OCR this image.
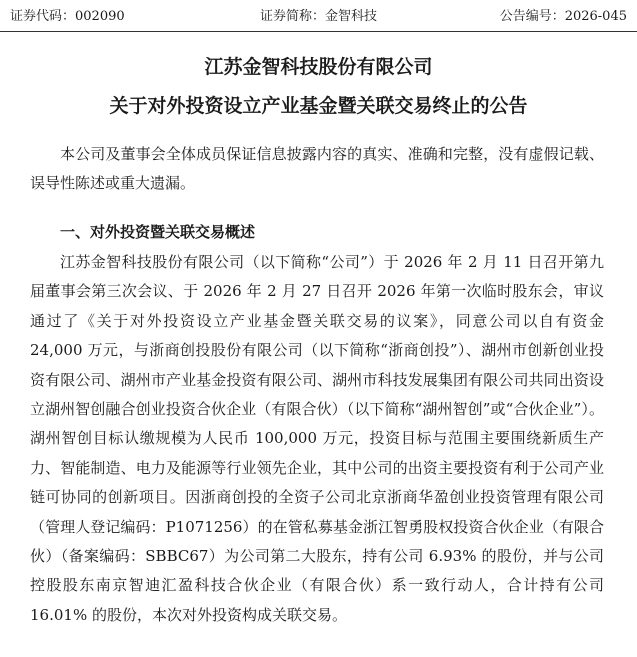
证券代码：002090	证券简称：金智科技	公告编号：2026-045
江苏金智科技股份有限公司
关于对外投资设立产业基金暨关联交易终止的公告
本公司及董事会全体成员保证信息披露内容的真实、准确和完整，没有虚假记载、误导性陈述或重大遗漏。
一、对外投资暨关联交易概述
江苏金智科技股份有限公司（以下简称“公司”）于 2026 年 2 月 11 日召开第九届董事会第三次会议、于 2026 年 2 月 27 日召开 2026 年第一次临时股东会，审议通过了《关于对外投资设立产业基金暨关联交易的议案》，同意公司以自有资金 24,000 万元，与浙商创投股份有限公司（以下简称“浙商创投”）、湖州市创新创业投资有限公司、湖州市产业基金投资有限公司、湖州市科技发展集团有限公司共同出资设立湖州智创融合创业投资合伙企业（有限合伙）（以下简称“湖州智创”或“合伙企业”）。湖州智创目标认缴规模为人民币 100,000 万元，投资目标与范围主要围绕新质生产力、智能制造、电力及能源等行业领先企业，其中公司的出资主要投资有利于公司产业链可协同的创新项目。因浙商创投的全资子公司北京浙商华盈创业投资管理有限公司（管理人登记编码：P1071256）的在管私募基金浙江智勇股权投资合伙企业（有限合伙）（备案编码：SBBC67）为公司第二大股东，持有公司 6.93% 的股份，并与公司控股股东南京智迪汇盈科技合伙企业（有限合伙）系一致行动人，合计持有公司 16.01% 的股份，本次对外投资构成关联交易。
